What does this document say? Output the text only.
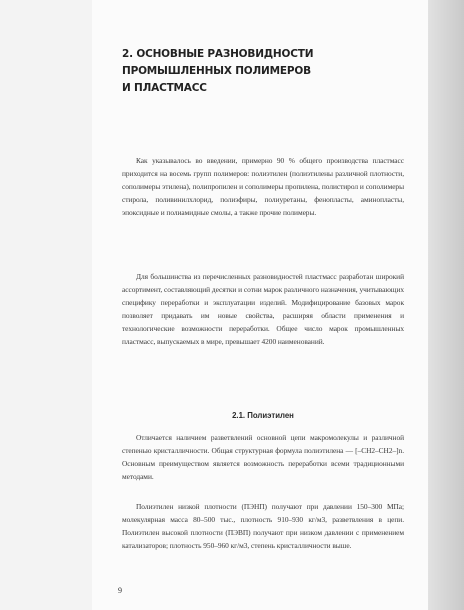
2. ОСНОВНЫЕ РАЗНОВИДНОСТИ
ПРОМЫШЛЕННЫХ ПОЛИМЕРОВ
И ПЛАСТМАСС

Как указывалось во введении, примерно 90 % общего производства пластмасс приходится на восемь групп полимеров: полиэтилен (полиэтилены различной плотности, сополимеры этилена), полипропилен и сополимеры пропилена, полистирол и сополимеры стирола, поливинилхлорид, полиэфиры, полиуретаны, фенопласты, аминопласты, эпоксидные и полиамидные смолы, а также прочие полимеры.

Для большинства из перечисленных разновидностей пластмасс разработан широкий ассортимент, составляющий десятки и сотни марок различного назначения, учитывающих специфику переработки и эксплуатации изделий. Модифицирование базовых марок позволяет придавать им новые свойства, расширяя области применения и технологические возможности переработки. Общее число марок промышленных пластмасс, выпускаемых в мире, превышает 4200 наименований.

2.1. Полиэтилен

Отличается наличием разветвлений основной цепи макромолекулы и различной степенью кристалличности. Общая структурная формула полиэтилена — [–CH2–CH2–]n. Основным преимуществом является возможность переработки всеми традиционными методами.

Полиэтилен низкой плотности (ПЭНП) получают при давлении 150–300 МПа; молекулярная масса 80–500 тыс., плотность 910–930 кг/м3, разветвления в цепи. Полиэтилен высокой плотности (ПЭВП) получают при низком давлении с применением катализаторов; плотность 950–960 кг/м3, степень кристалличности выше.

9
